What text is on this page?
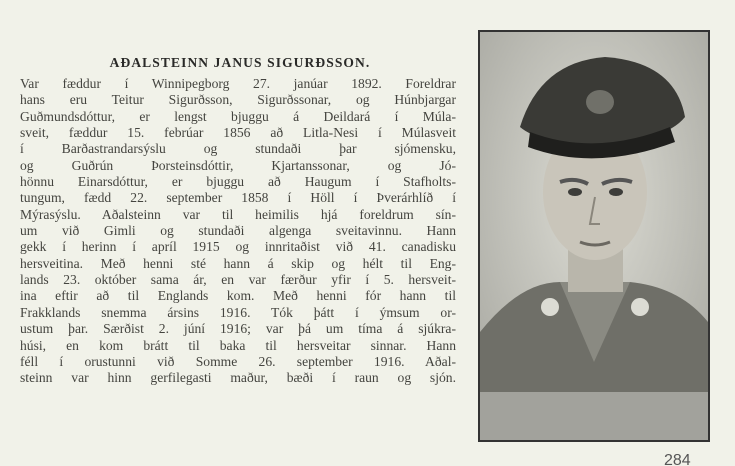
AÐALSTEINN JANUS SIGURÐSSON.
Var fæddur í Winnipegborg 27. janúar 1892. Foreldrar
hans eru Teitur Sigurðsson, Sigurðssonar, og Húnbjargar
Guðmundsdóttur, er lengst bjuggu á Deildará í Múla-
sveit, fæddur 15. febrúar 1856 að Litla-Nesi í Múlasveit
í Barðastrandarsýslu og stundaði þar sjómensku,
og Guðrún Þorsteinsdóttir, Kjartanssonar, og Jó-
hönnu Einarsdóttur, er bjuggu að Haugum í Stafholts-
tungum, fædd 22. september 1858 í Höll í Þverárhlíð í
Mýrasýslu. Aðalsteinn var til heimilis hjá foreldrum sín-
um við Gimli og stundaði algenga sveitavinnu. Hann
gekk í herinn í apríl 1915 og innritaðist við 41. canadisku
hersveitina. Með henni sté hann á skip og hélt til Eng-
lands 23. október sama ár, en var færður yfir í 5. hersveit-
ina eftir að til Englands kom. Með henni fór hann til
Frakklands snemma ársins 1916. Tók þátt í ýmsum or-
ustum þar. Særðist 2. júní 1916; var þá um tíma á sjúkra-
húsi, en kom brátt til baka til hersveitar sinnar. Hann
féll í orustunni við Somme 26. september 1916. Aðal-
steinn var hinn gerfilegasti maður, bæði í raun og sjón.
284
